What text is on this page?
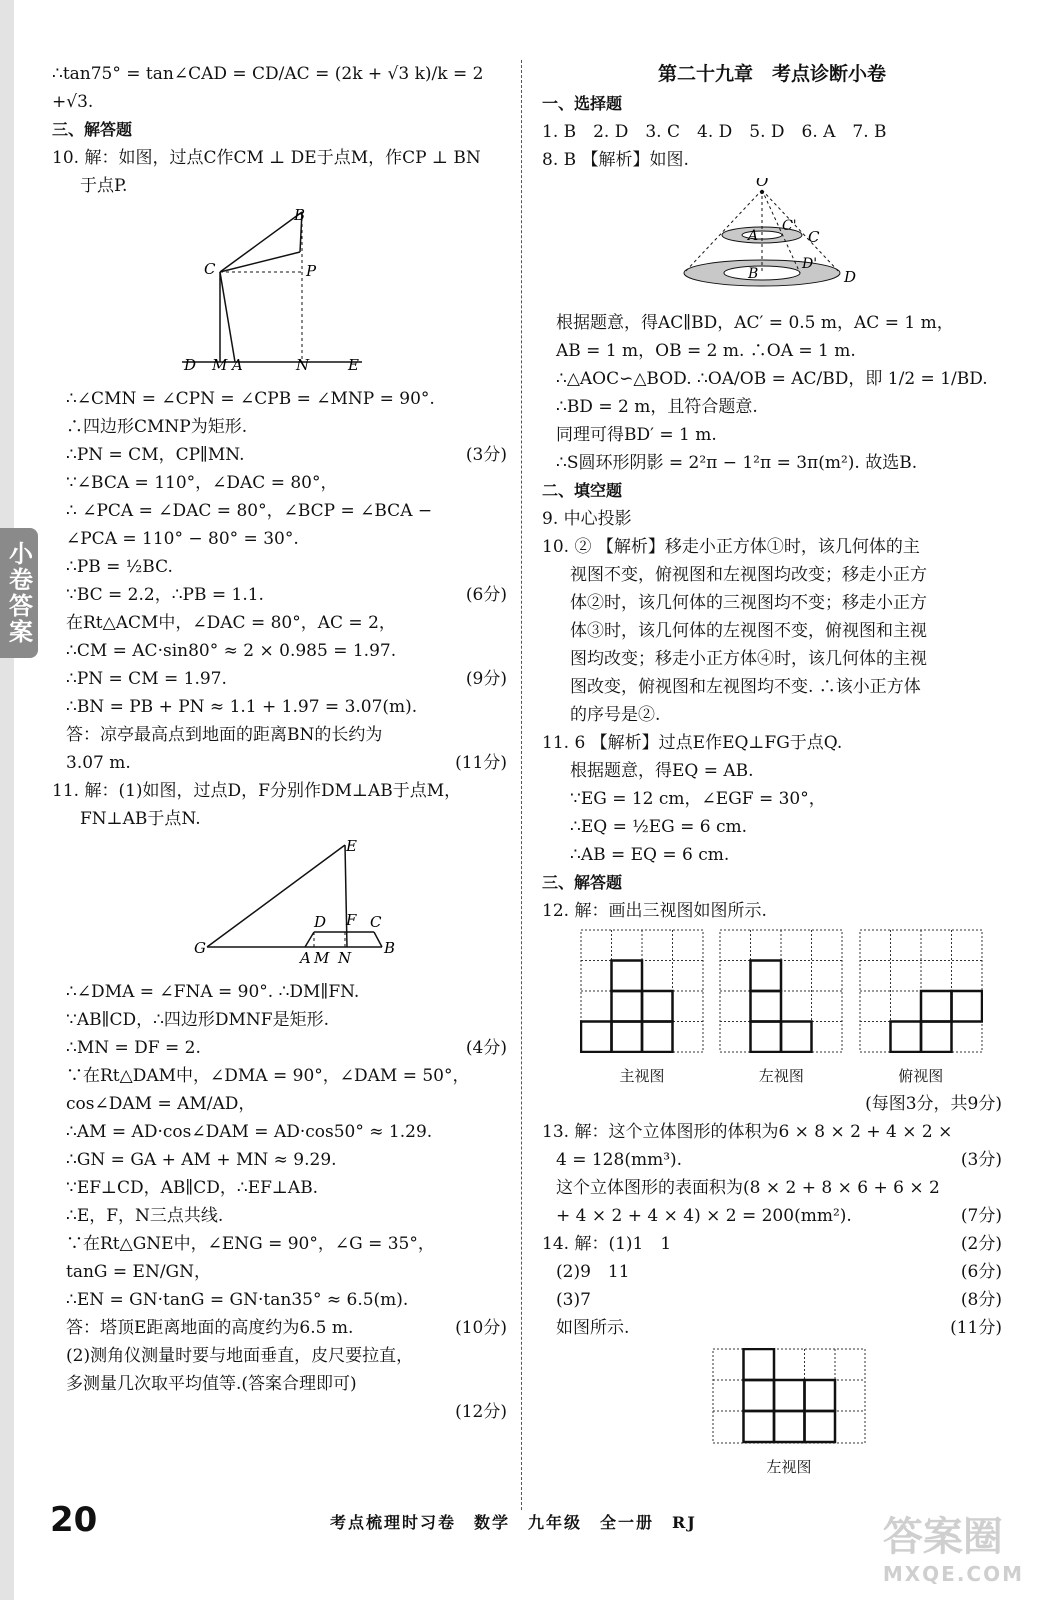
小卷答案
∴tan75° = tan∠CAD = CD/AC = (2k + √3 k)/k = 2
+√3.
三、解答题
10. 解：如图，过点C作CM ⊥ DE于点M，作CP ⊥ BN
于点P.
B
C	P
D M A	N	E
∴∠CMN = ∠CPN = ∠CPB = ∠MNP = 90°.
∴四边形CMNP为矩形.
∴PN = CM，CP∥MN.	(3分)
∵∠BCA = 110°，∠DAC = 80°，
∴ ∠PCA = ∠DAC = 80°，∠BCP = ∠BCA −
∠PCA = 110° − 80° = 30°.
∴PB = ½BC.
∵BC = 2.2，∴PB = 1.1.	(6分)
在Rt△ACM中，∠DAC = 80°，AC = 2，
∴CM = AC·sin80° ≈ 2 × 0.985 = 1.97.
∴PN = CM = 1.97.	(9分)
∴BN = PB + PN ≈ 1.1 + 1.97 = 3.07(m).
答：凉亭最高点到地面的距离BN的长约为
3.07 m.	(11分)
11. 解：(1)如图，过点D，F分别作DM⊥AB于点M，
FN⊥AB于点N.
E
D F C
G
A M N
B
∴∠DMA = ∠FNA = 90°. ∴DM∥FN.
∵AB∥CD，∴四边形DMNF是矩形.
∴MN = DF = 2.	(4分)
∵在Rt△DAM中，∠DMA = 90°，∠DAM = 50°，
cos∠DAM = AM/AD，
∴AM = AD·cos∠DAM = AD·cos50° ≈ 1.29.
∴GN = GA + AM + MN ≈ 9.29.
∵EF⊥CD，AB∥CD，∴EF⊥AB.
∴E，F，N三点共线.
∵在Rt△GNE中，∠ENG = 90°，∠G = 35°，
tanG = EN/GN，
∴EN = GN·tanG = GN·tan35° ≈ 6.5(m).
答：塔顶E距离地面的高度约为6.5 m.	(10分)
(2)测角仪测量时要与地面垂直，皮尺要拉直，
多测量几次取平均值等.(答案合理即可)
(12分)
第二十九章　考点诊断小卷
一、选择题
1. B　2. D　3. C　4. D　5. D　6. A　7. B
8. B 【解析】如图.
O
C'
C
A
D'
B	D
根据题意，得AC∥BD，AC′ = 0.5 m，AC = 1 m，
AB = 1 m，OB = 2 m. ∴OA = 1 m.
∴△AOC∽△BOD. ∴OA/OB = AC/BD，即 1/2 = 1/BD.
∴BD = 2 m，且符合题意.
同理可得BD′ = 1 m.
∴S圆环形阴影 = 2²π − 1²π = 3π(m²). 故选B.
二、填空题
9. 中心投影
10. ② 【解析】移走小正方体①时，该几何体的主
视图不变，俯视图和左视图均改变；移走小正方
体②时，该几何体的三视图均不变；移走小正方
体③时，该几何体的左视图不变，俯视图和主视
图均改变；移走小正方体④时，该几何体的主视
图改变，俯视图和左视图均不变. ∴该小正方体
的序号是②.
11. 6 【解析】过点E作EQ⊥FG于点Q.
根据题意，得EQ = AB.
∵EG = 12 cm，∠EGF = 30°，
∴EQ = ½EG = 6 cm.
∴AB = EQ = 6 cm.
三、解答题
12. 解：画出三视图如图所示.
主视图
	左视图
	俯视图
(每图3分，共9分)
13. 解：这个立体图形的体积为6 × 8 × 2 + 4 × 2 ×
4 = 128(mm³).	(3分)
这个立体图形的表面积为(8 × 2 + 8 × 6 + 6 × 2
+ 4 × 2 + 4 × 4) × 2 = 200(mm²).	(7分)
14. 解：(1)1　1	(2分)
(2)9　11	(6分)
(3)7	(8分)
如图所示.	(11分)
左视图
20	考点梳理时习卷　数学　九年级　全一册　RJ	答案圈
MXQE.COM
